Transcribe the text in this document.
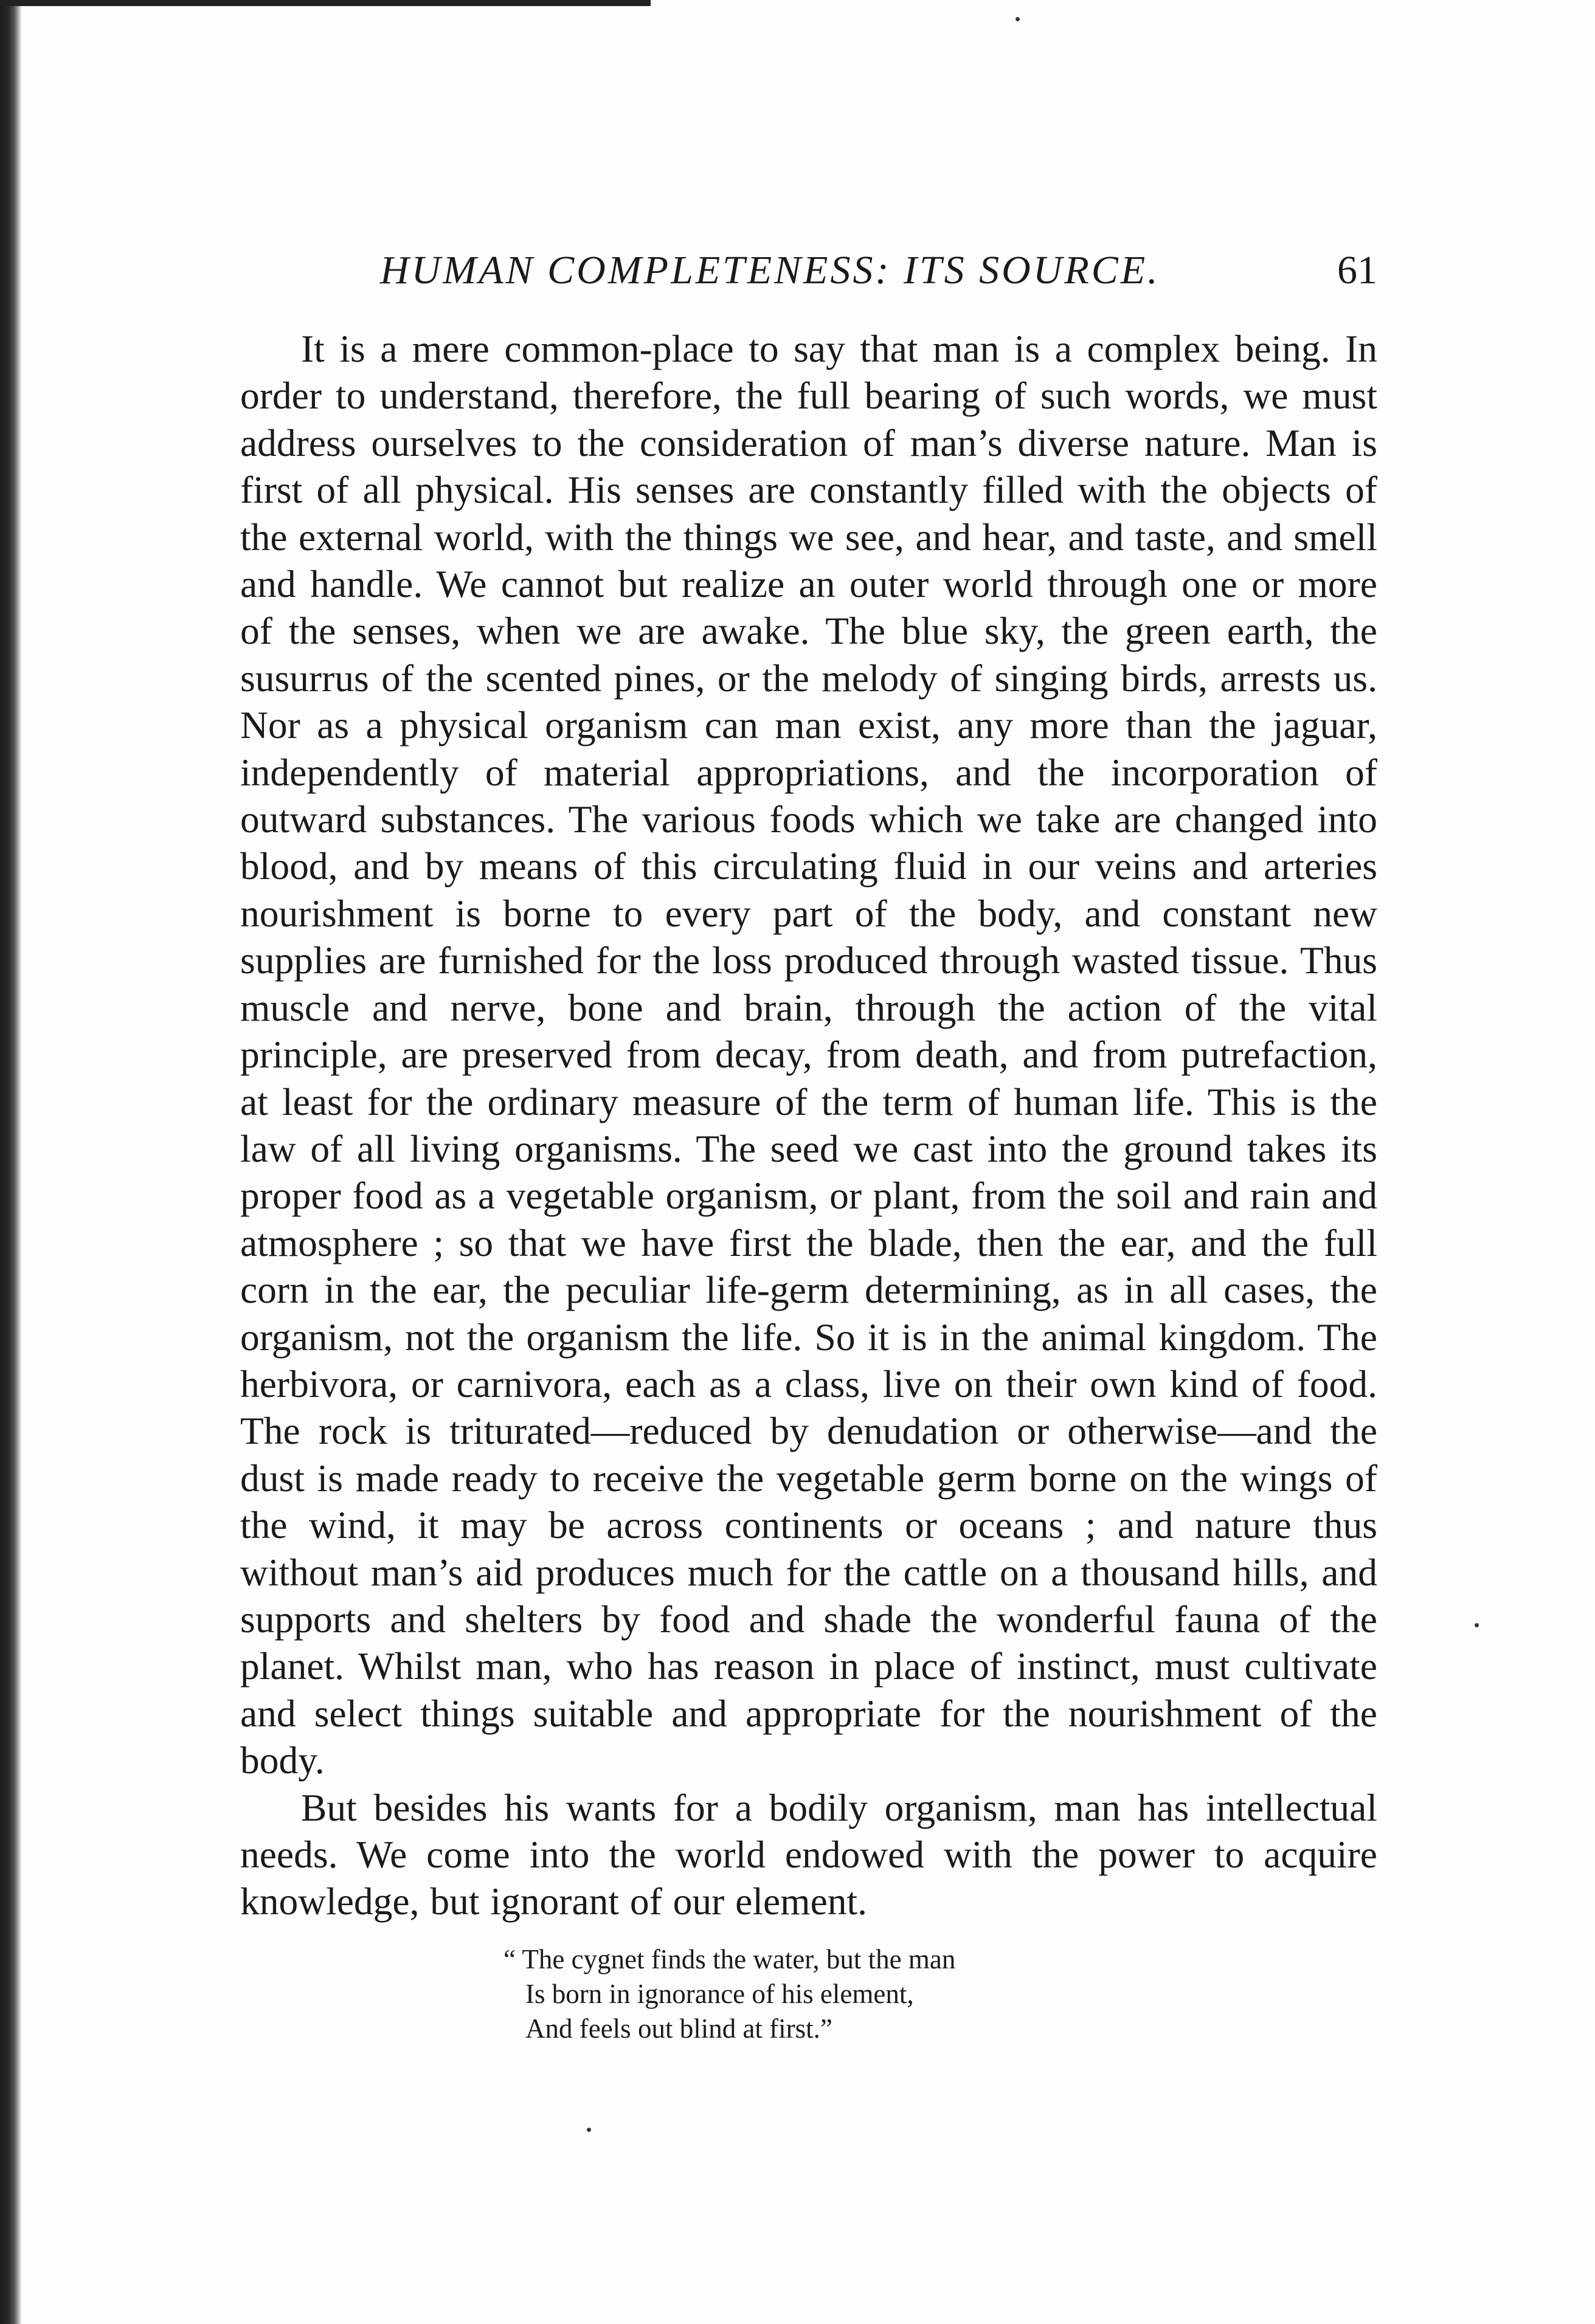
HUMAN COMPLETENESS: ITS SOURCE.	61

It is a mere common-place to say that man is a complex being. In order to understand, therefore, the full bearing of such words, we must address ourselves to the consideration of man’s diverse nature. Man is first of all physical. His senses are constantly filled with the objects of the external world, with the things we see, and hear, and taste, and smell and handle. We cannot but realize an outer world through one or more of the senses, when we are awake. The blue sky, the green earth, the susurrus of the scented pines, or the melody of singing birds, arrests us. Nor as a physical organism can man exist, any more than the jaguar, independently of material appropriations, and the incorporation of outward substances. The various foods which we take are changed into blood, and by means of this circulating fluid in our veins and arteries nourishment is borne to every part of the body, and constant new supplies are furnished for the loss produced through wasted tissue. Thus muscle and nerve, bone and brain, through the action of the vital principle, are preserved from decay, from death, and from putrefaction, at least for the ordinary measure of the term of human life. This is the law of all living organisms. The seed we cast into the ground takes its proper food as a vegetable organism, or plant, from the soil and rain and atmosphere ; so that we have first the blade, then the ear, and the full corn in the ear, the peculiar life-germ determining, as in all cases, the organism, not the organism the life. So it is in the animal kingdom. The herbivora, or carnivora, each as a class, live on their own kind of food. The rock is triturated—reduced by denudation or otherwise—and the dust is made ready to receive the vegetable germ borne on the wings of the wind, it may be across continents or oceans ; and nature thus without man’s aid produces much for the cattle on a thousand hills, and supports and shelters by food and shade the wonderful fauna of the planet. Whilst man, who has reason in place of instinct, must cultivate and select things suitable and appropriate for the nourishment of the body.

But besides his wants for a bodily organism, man has intellectual needs. We come into the world endowed with the power to acquire knowledge, but ignorant of our element.

“ The cygnet finds the water, but the man
Is born in ignorance of his element,
And feels out blind at first.”
